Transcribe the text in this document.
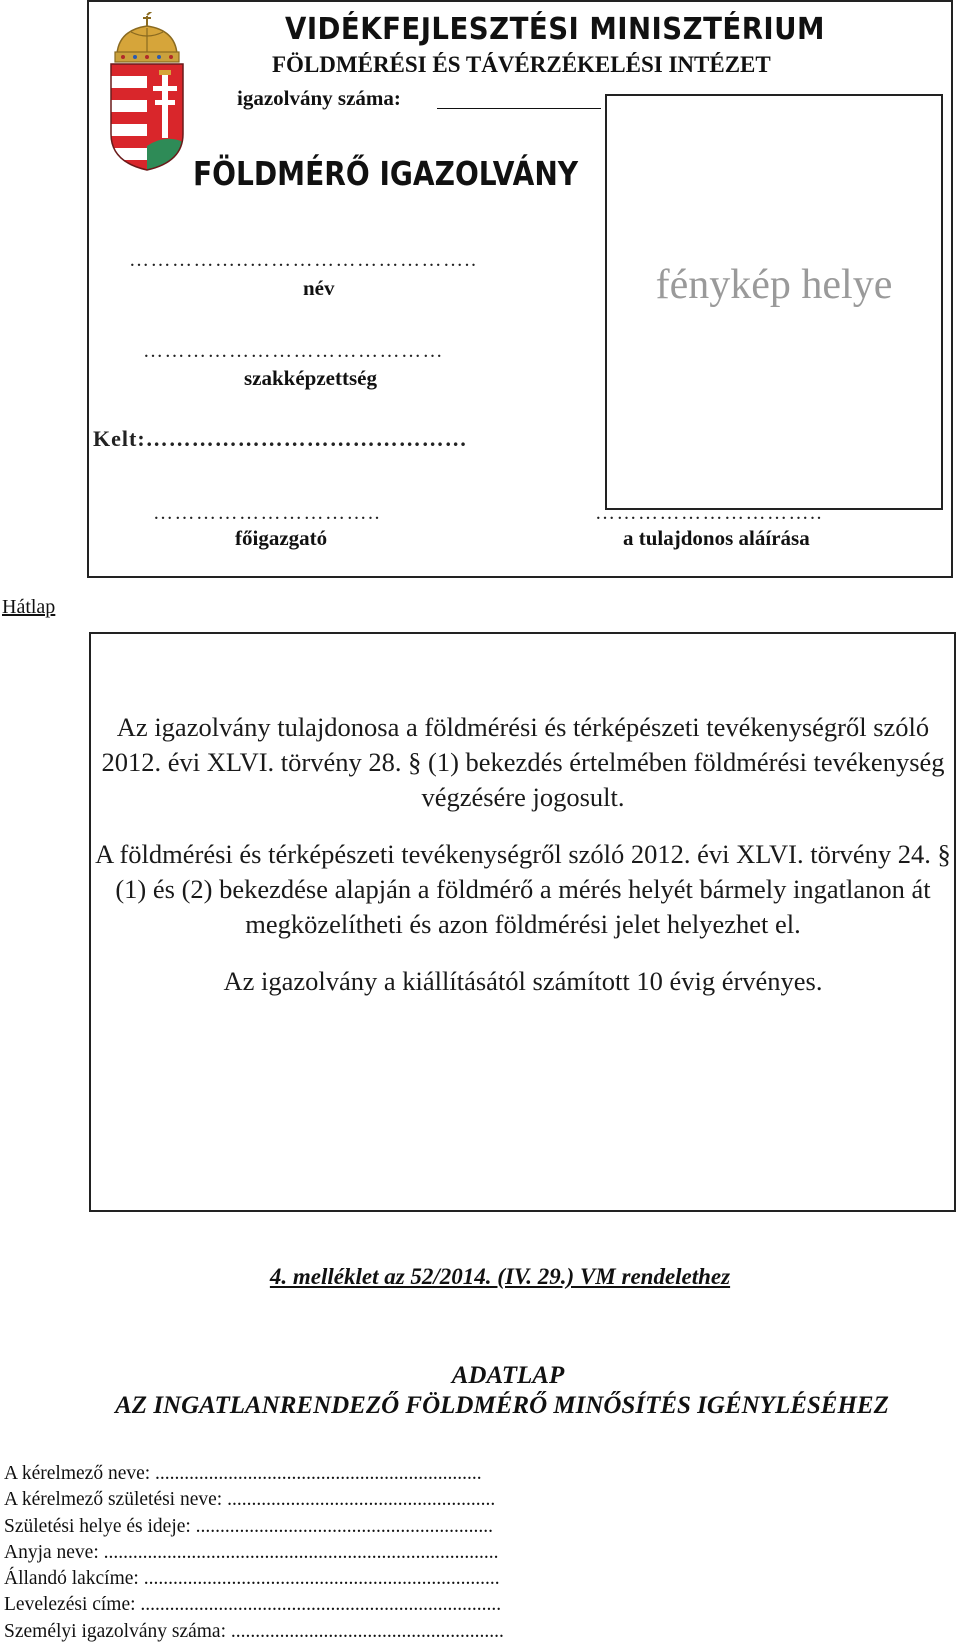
VIDÉKFEJLESZTÉSI MINISZTÉRIUM
FÖLDMÉRÉSI ÉS TÁVÉRZÉKELÉSI INTÉZET
igazolvány száma:
FÖLDMÉRŐ IGAZOLVÁNY
……………..…………………………..
név
……………………………………
szakképzettség
Kelt:……………………………………
…………………………..
főigazgató
…………………………..
a tulajdonos aláírása
fénykép helye
Hátlap

Az igazolvány tulajdonosa a földmérési és térképészeti tevékenységről szóló 2012. évi XLVI. törvény 28. § (1) bekezdés értelmében földmérési tevékenység végzésére jogosult.

A földmérési és térképészeti tevékenységről szóló 2012. évi XLVI. törvény 24. § (1) és (2) bekezdése alapján a földmérő a mérés helyét bármely ingatlanon át megközelítheti és azon földmérési jelet helyezhet el.

Az igazolvány a kiállításától számított 10 évig érvényes.

4. melléklet az 52/2014. (IV. 29.) VM rendelethez
ADATLAP
AZ INGATLANRENDEZŐ FÖLDMÉRŐ MINŐSÍTÉS IGÉNYLÉSÉHEZ
A kérelmező neve: ...................................................................
A kérelmező születési neve: .......................................................
Születési helye és ideje: .............................................................
Anyja neve: .................................................................................
Állandó lakcíme: .........................................................................
Levelezési címe: ..........................................................................
Személyi igazolvány száma: ........................................................
